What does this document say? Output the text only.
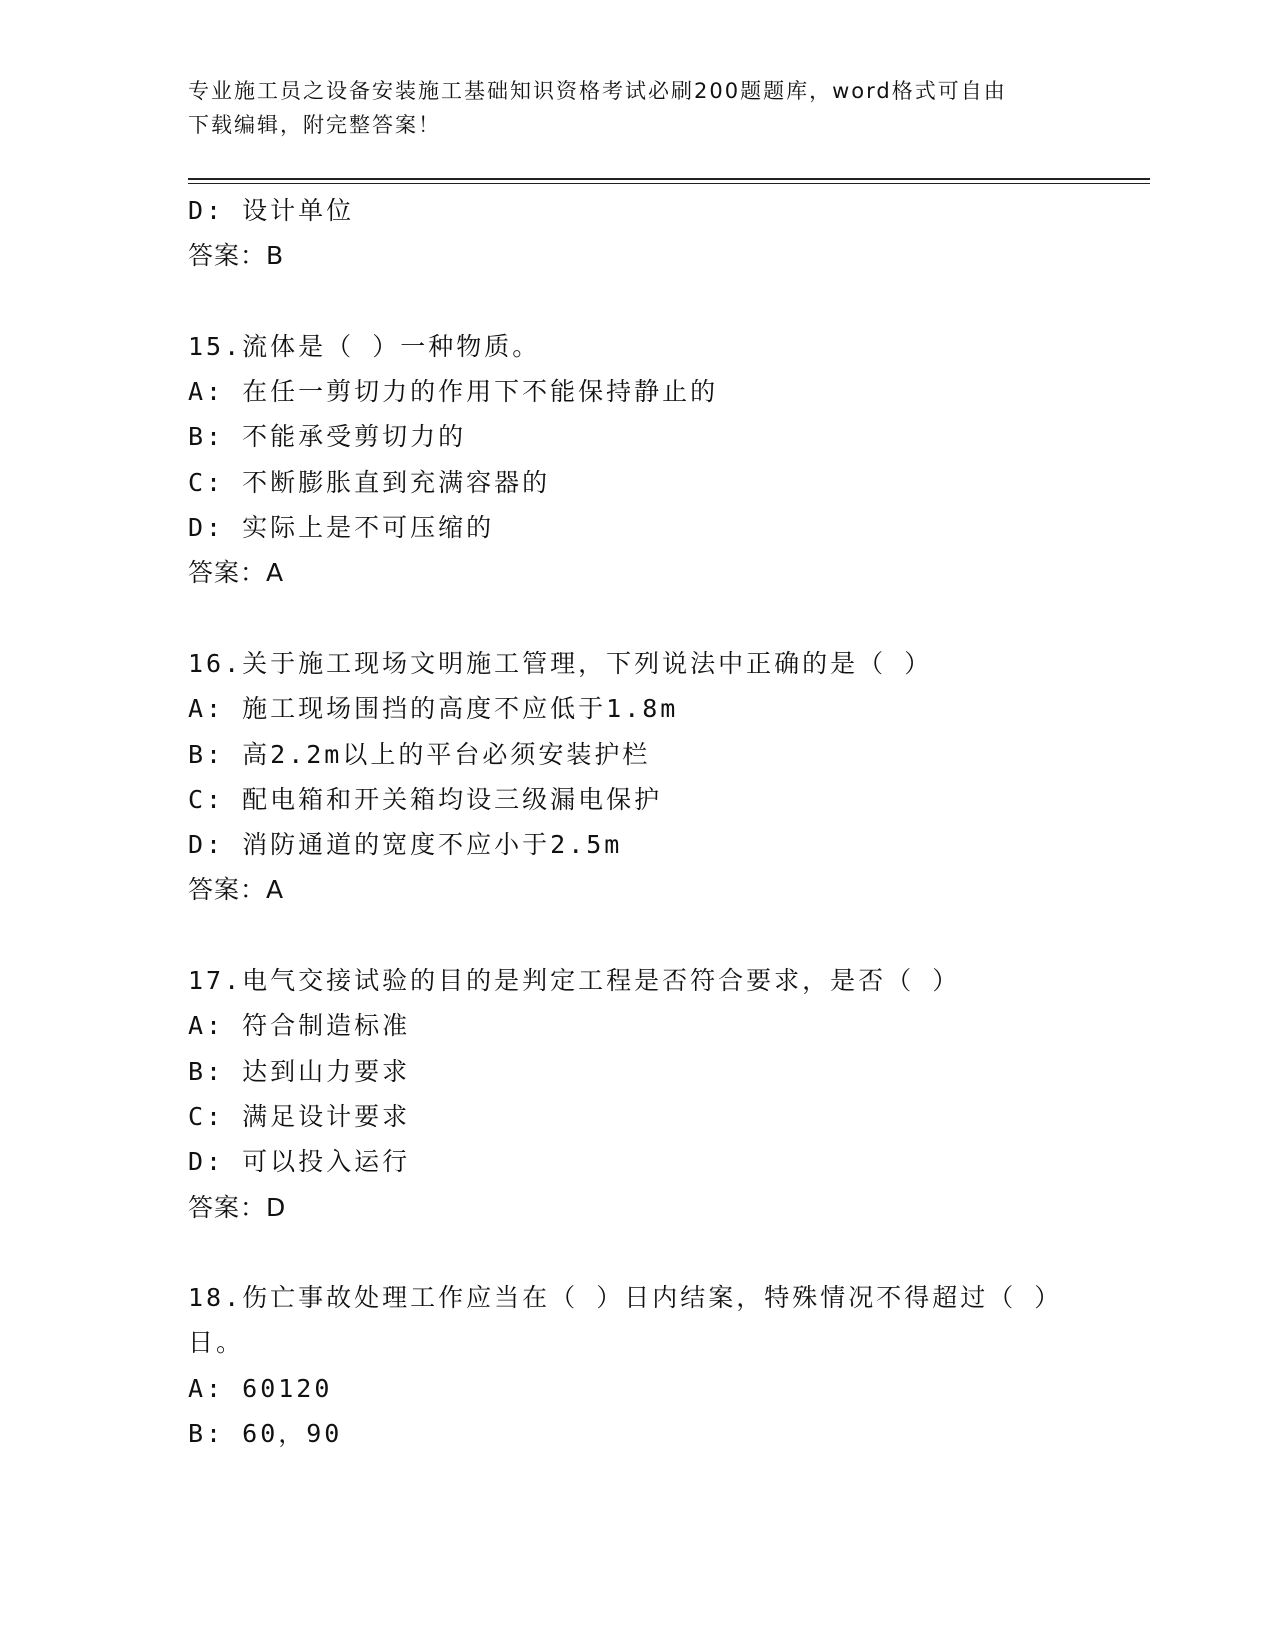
专业施工员之设备安装施工基础知识资格考试必刷200题题库，word格式可自由
下载编辑，附完整答案！
D: 设计单位
答案：B
15.流体是（ ）一种物质。
A: 在任一剪切力的作用下不能保持静止的
B: 不能承受剪切力的
C: 不断膨胀直到充满容器的
D: 实际上是不可压缩的
答案：A
16.关于施工现场文明施工管理，下列说法中正确的是（ ）
A: 施工现场围挡的高度不应低于1.8m
B: 高2.2m以上的平台必须安装护栏
C: 配电箱和开关箱均设三级漏电保护
D: 消防通道的宽度不应小于2.5m
答案：A
17.电气交接试验的目的是判定工程是否符合要求，是否（ ）
A: 符合制造标准
B: 达到山力要求
C: 满足设计要求
D: 可以投入运行
答案：D
18.伤亡事故处理工作应当在（ ）日内结案，特殊情况不得超过（ ）
日。
A: 60120
B: 60，90
